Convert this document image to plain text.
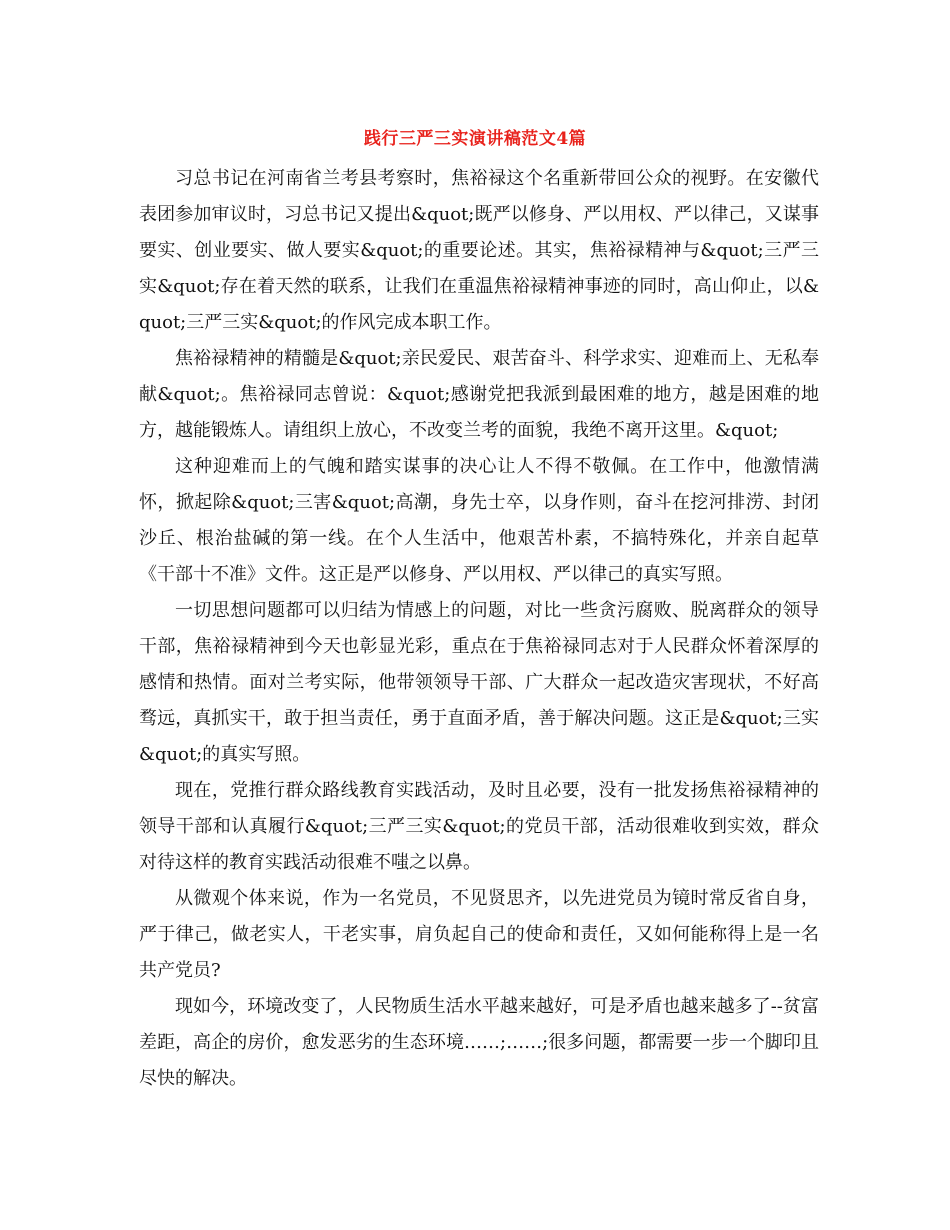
践行三严三实演讲稿范文4篇

习总书记在河南省兰考县考察时，焦裕禄这个名重新带回公众的视野。在安徽代表团参加审议时，习总书记又提出&quot;既严以修身、严以用权、严以律己，又谋事要实、创业要实、做人要实&quot;的重要论述。其实，焦裕禄精神与&quot;三严三实&quot;存在着天然的联系，让我们在重温焦裕禄精神事迹的同时，高山仰止，以&quot;三严三实&quot;的作风完成本职工作。

焦裕禄精神的精髓是&quot;亲民爱民、艰苦奋斗、科学求实、迎难而上、无私奉献&quot;。焦裕禄同志曾说：&quot;感谢党把我派到最困难的地方，越是困难的地方，越能锻炼人。请组织上放心，不改变兰考的面貌，我绝不离开这里。&quot;

这种迎难而上的气魄和踏实谋事的决心让人不得不敬佩。在工作中，他激情满怀，掀起除&quot;三害&quot;高潮，身先士卒，以身作则，奋斗在挖河排涝、封闭沙丘、根治盐碱的第一线。在个人生活中，他艰苦朴素，不搞特殊化，并亲自起草《干部十不准》文件。这正是严以修身、严以用权、严以律己的真实写照。

一切思想问题都可以归结为情感上的问题，对比一些贪污腐败、脱离群众的领导干部，焦裕禄精神到今天也彰显光彩，重点在于焦裕禄同志对于人民群众怀着深厚的感情和热情。面对兰考实际，他带领领导干部、广大群众一起改造灾害现状，不好高骛远，真抓实干，敢于担当责任，勇于直面矛盾，善于解决问题。这正是&quot;三实&quot;的真实写照。

现在，党推行群众路线教育实践活动，及时且必要，没有一批发扬焦裕禄精神的领导干部和认真履行&quot;三严三实&quot;的党员干部，活动很难收到实效，群众对待这样的教育实践活动很难不嗤之以鼻。

从微观个体来说，作为一名党员，不见贤思齐，以先进党员为镜时常反省自身，严于律己，做老实人，干老实事，肩负起自己的使命和责任，又如何能称得上是一名共产党员?

现如今，环境改变了，人民物质生活水平越来越好，可是矛盾也越来越多了--贫富差距，高企的房价，愈发恶劣的生态环境……;……;很多问题，都需要一步一个脚印且尽快的解决。
